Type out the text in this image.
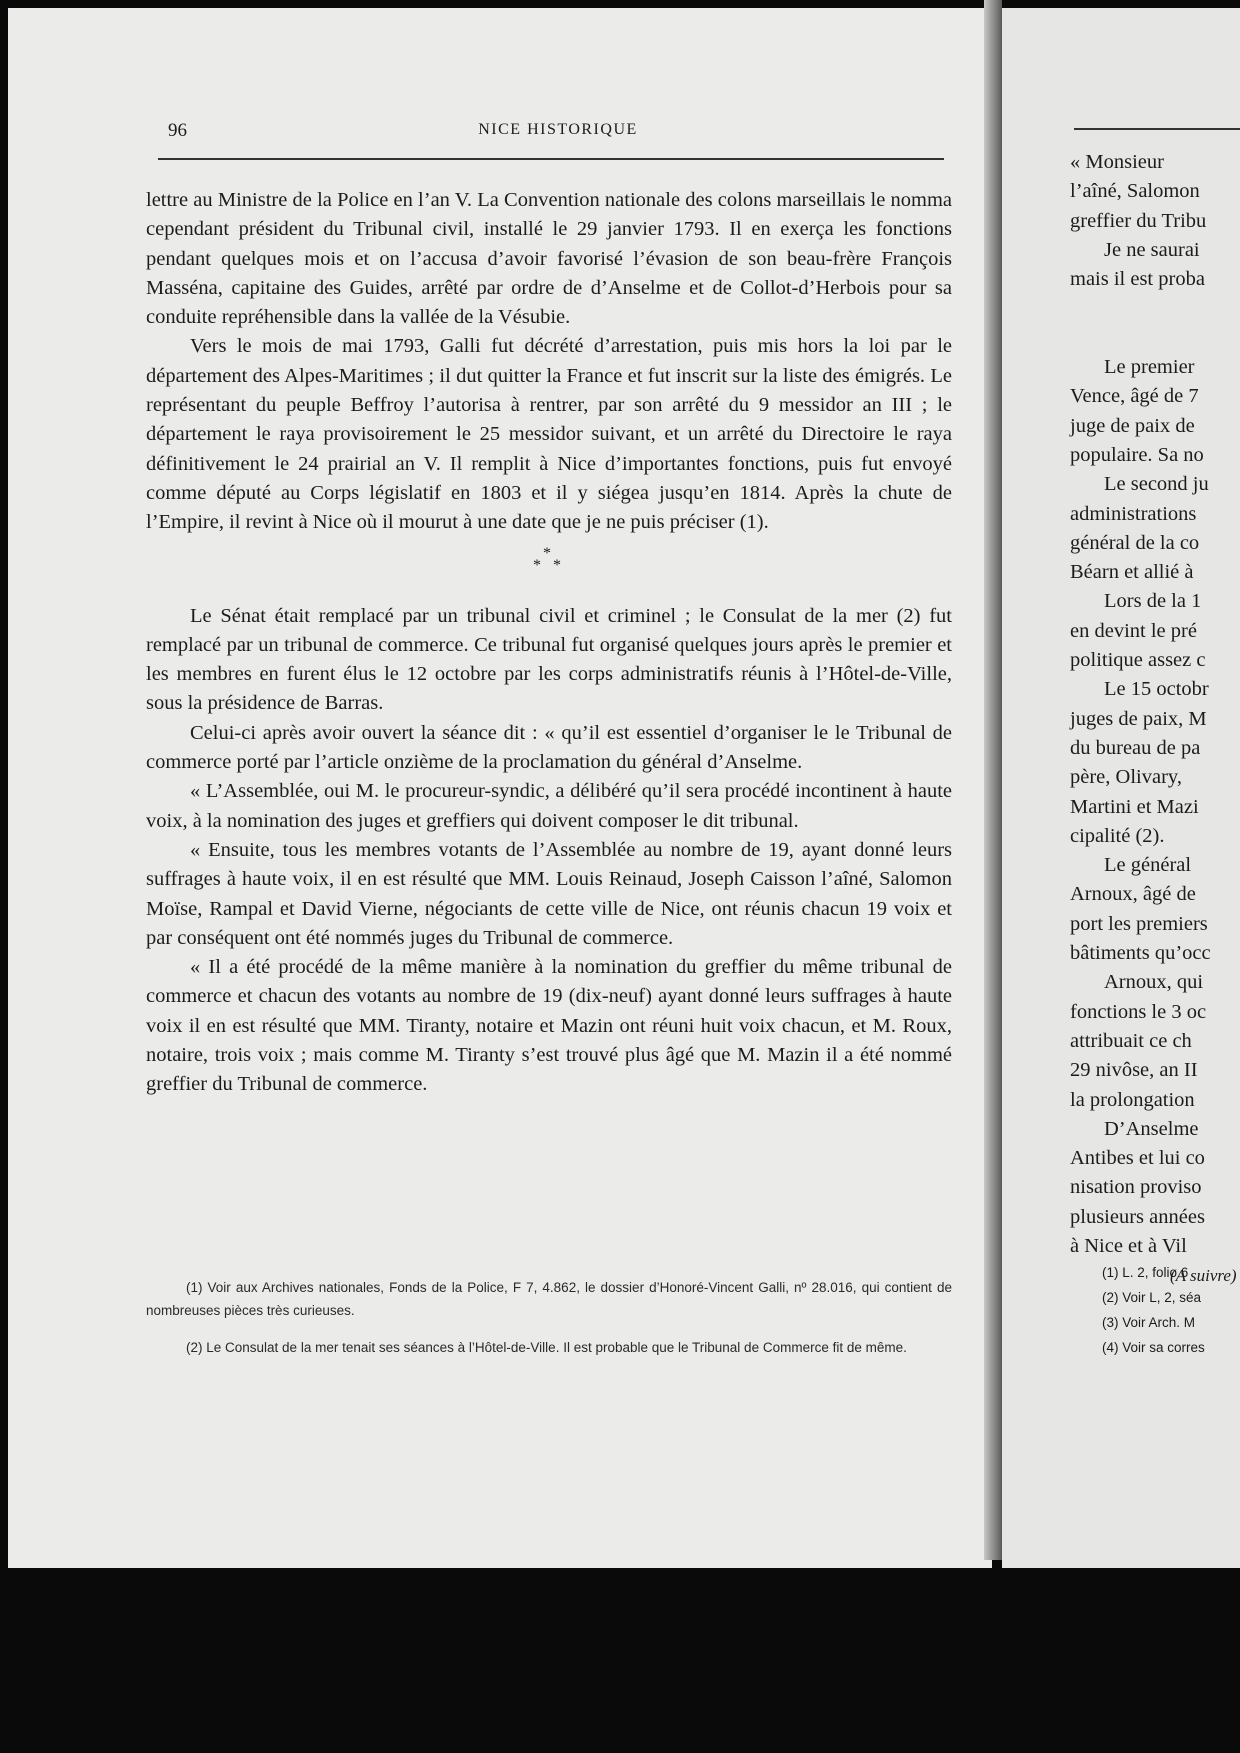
96	NICE HISTORIQUE

lettre au Ministre de la Police en l’an V. La Convention nationale des colons marseillais le nomma cependant président du Tribunal civil, installé le 29 janvier 1793. Il en exerça les fonctions pendant quelques mois et on l’accusa d’avoir favorisé l’évasion de son beau-frère François Masséna, capitaine des Guides, arrêté par ordre de d’Anselme et de Collot-d’Herbois pour sa conduite repréhensible dans la vallée de la Vésubie.

Vers le mois de mai 1793, Galli fut décrété d’arrestation, puis mis hors la loi par le département des Alpes-Maritimes ; il dut quitter la France et fut inscrit sur la liste des émigrés. Le représentant du peuple Beffroy l’autorisa à rentrer, par son arrêté du 9 messidor an III ; le département le raya provisoirement le 25 messidor suivant, et un arrêté du Directoire le raya définitivement le 24 prairial an V. Il remplit à Nice d’importantes fonctions, puis fut envoyé comme député au Corps législatif en 1803 et il y siégea jusqu’en 1814. Après la chute de l’Empire, il revint à Nice où il mourut à une date que je ne puis préciser (1).

*
* *

Le Sénat était remplacé par un tribunal civil et criminel ; le Consulat de la mer (2) fut remplacé par un tribunal de commerce. Ce tribunal fut organisé quelques jours après le premier et les membres en furent élus le 12 octobre par les corps administratifs réunis à l’Hôtel-de-Ville, sous la présidence de Barras.

Celui-ci après avoir ouvert la séance dit : « qu’il est essentiel d’organiser le le Tribunal de commerce porté par l’article onzième de la proclamation du général d’Anselme.

« L’Assemblée, oui M. le procureur-syndic, a délibéré qu’il sera procédé incontinent à haute voix, à la nomination des juges et greffiers qui doivent composer le dit tribunal.

« Ensuite, tous les membres votants de l’Assemblée au nombre de 19, ayant donné leurs suffrages à haute voix, il en est résulté que MM. Louis Reinaud, Joseph Caisson l’aîné, Salomon Moïse, Rampal et David Vierne, négociants de cette ville de Nice, ont réunis chacun 19 voix et par conséquent ont été nommés juges du Tribunal de commerce.

« Il a été procédé de la même manière à la nomination du greffier du même tribunal de commerce et chacun des votants au nombre de 19 (dix-neuf) ayant donné leurs suffrages à haute voix il en est résulté que MM. Tiranty, notaire et Mazin ont réuni huit voix chacun, et M. Roux, notaire, trois voix ; mais comme M. Tiranty s’est trouvé plus âgé que M. Mazin il a été nommé greffier du Tribunal de commerce.

(1) Voir aux Archives nationales, Fonds de la Police, F 7, 4.862, le dossier d’Honoré-Vincent Galli, nº 28.016, qui contient de nombreuses pièces très curieuses.

(2) Le Consulat de la mer tenait ses séances à l’Hôtel-de-Ville. Il est probable que le Tribunal de Commerce fit de même.

« Monsieur
l’aîné, Salomon
greffier du Tribu
Je ne saurai
mais il est proba
Le premier
Vence, âgé de 7
juge de paix de
populaire. Sa no
Le second ju
administrations
général de la co
Béarn et allié à
Lors de la 1
en devint le pré
politique assez c
Le 15 octobr
juges de paix, M
du bureau de pa
père, Olivary,
Martini et Mazi
cipalité (2).
Le général
Arnoux, âgé de
port les premiers
bâtiments qu’occ
Arnoux, qui
fonctions le 3 oc
attribuait ce ch
29 nivôse, an II
la prolongation
D’Anselme
Antibes et lui co
nisation proviso
plusieurs années
à Nice et à Vil
(A suivre)
(1) L. 2, folio 6
(2) Voir L, 2, séa
(3) Voir Arch. M
(4) Voir sa corres
